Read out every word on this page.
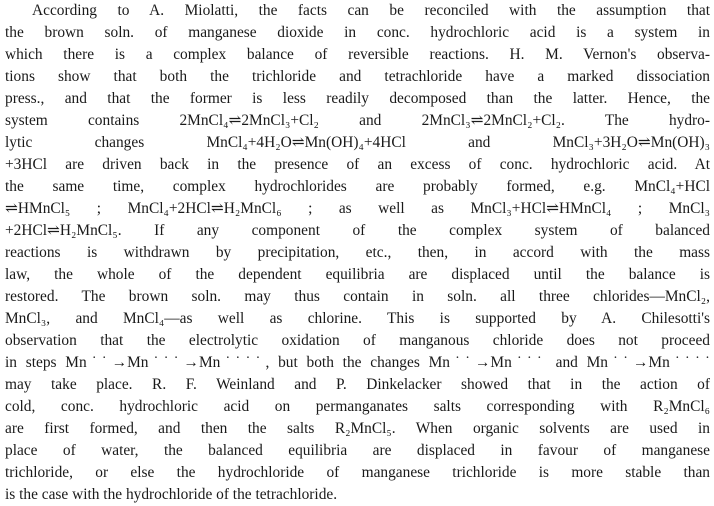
According to A. Miolatti, the facts can be reconciled with the assumption that
the brown soln. of manganese dioxide in conc. hydrochloric acid is a system in
which there is a complex balance of reversible reactions. H. M. Vernon's observa-
tions show that both the trichloride and tetrachloride have a marked dissociation
press., and that the former is less readily decomposed than the latter. Hence, the
system contains 2MnCl₄⇌2MnCl₃+Cl₂ and 2MnCl₃⇌2MnCl₂+Cl₂. The hydro-
lytic changes MnCl₄+4H₂O⇌Mn(OH)₄+4HCl and MnCl₃+3H₂O⇌Mn(OH)₃
+3HCl are driven back in the presence of an excess of conc. hydrochloric acid. At
the same time, complex hydrochlorides are probably formed, e.g. MnCl₄+HCl
⇌HMnCl₅ ; MnCl₄+2HCl⇌H₂MnCl₆ ; as well as MnCl₃+HCl⇌HMnCl₄ ; MnCl₃
+2HCl⇌H₂MnCl₅. If any component of the complex system of balanced
reactions is withdrawn by precipitation, etc., then, in accord with the mass
law, the whole of the dependent equilibria are displaced until the balance is
restored. The brown soln. may thus contain in soln. all three chlorides—MnCl₂,
MnCl₃, and MnCl₄—as well as chlorine. This is supported by A. Chilesotti's
observation that the electrolytic oxidation of manganous chloride does not proceed
in steps Mn˙˙→Mn˙˙˙→Mn˙˙˙˙, but both the changes Mn˙˙→Mn˙˙˙ and Mn˙˙→Mn˙˙˙˙
may take place. R. F. Weinland and P. Dinkelacker showed that in the action of
cold, conc. hydrochloric acid on permanganates salts corresponding with R₂MnCl₆
are first formed, and then the salts R₂MnCl₅. When organic solvents are used in
place of water, the balanced equilibria are displaced in favour of manganese
trichloride, or else the hydrochloride of manganese trichloride is more stable than
is the case with the hydrochloride of the tetrachloride.
